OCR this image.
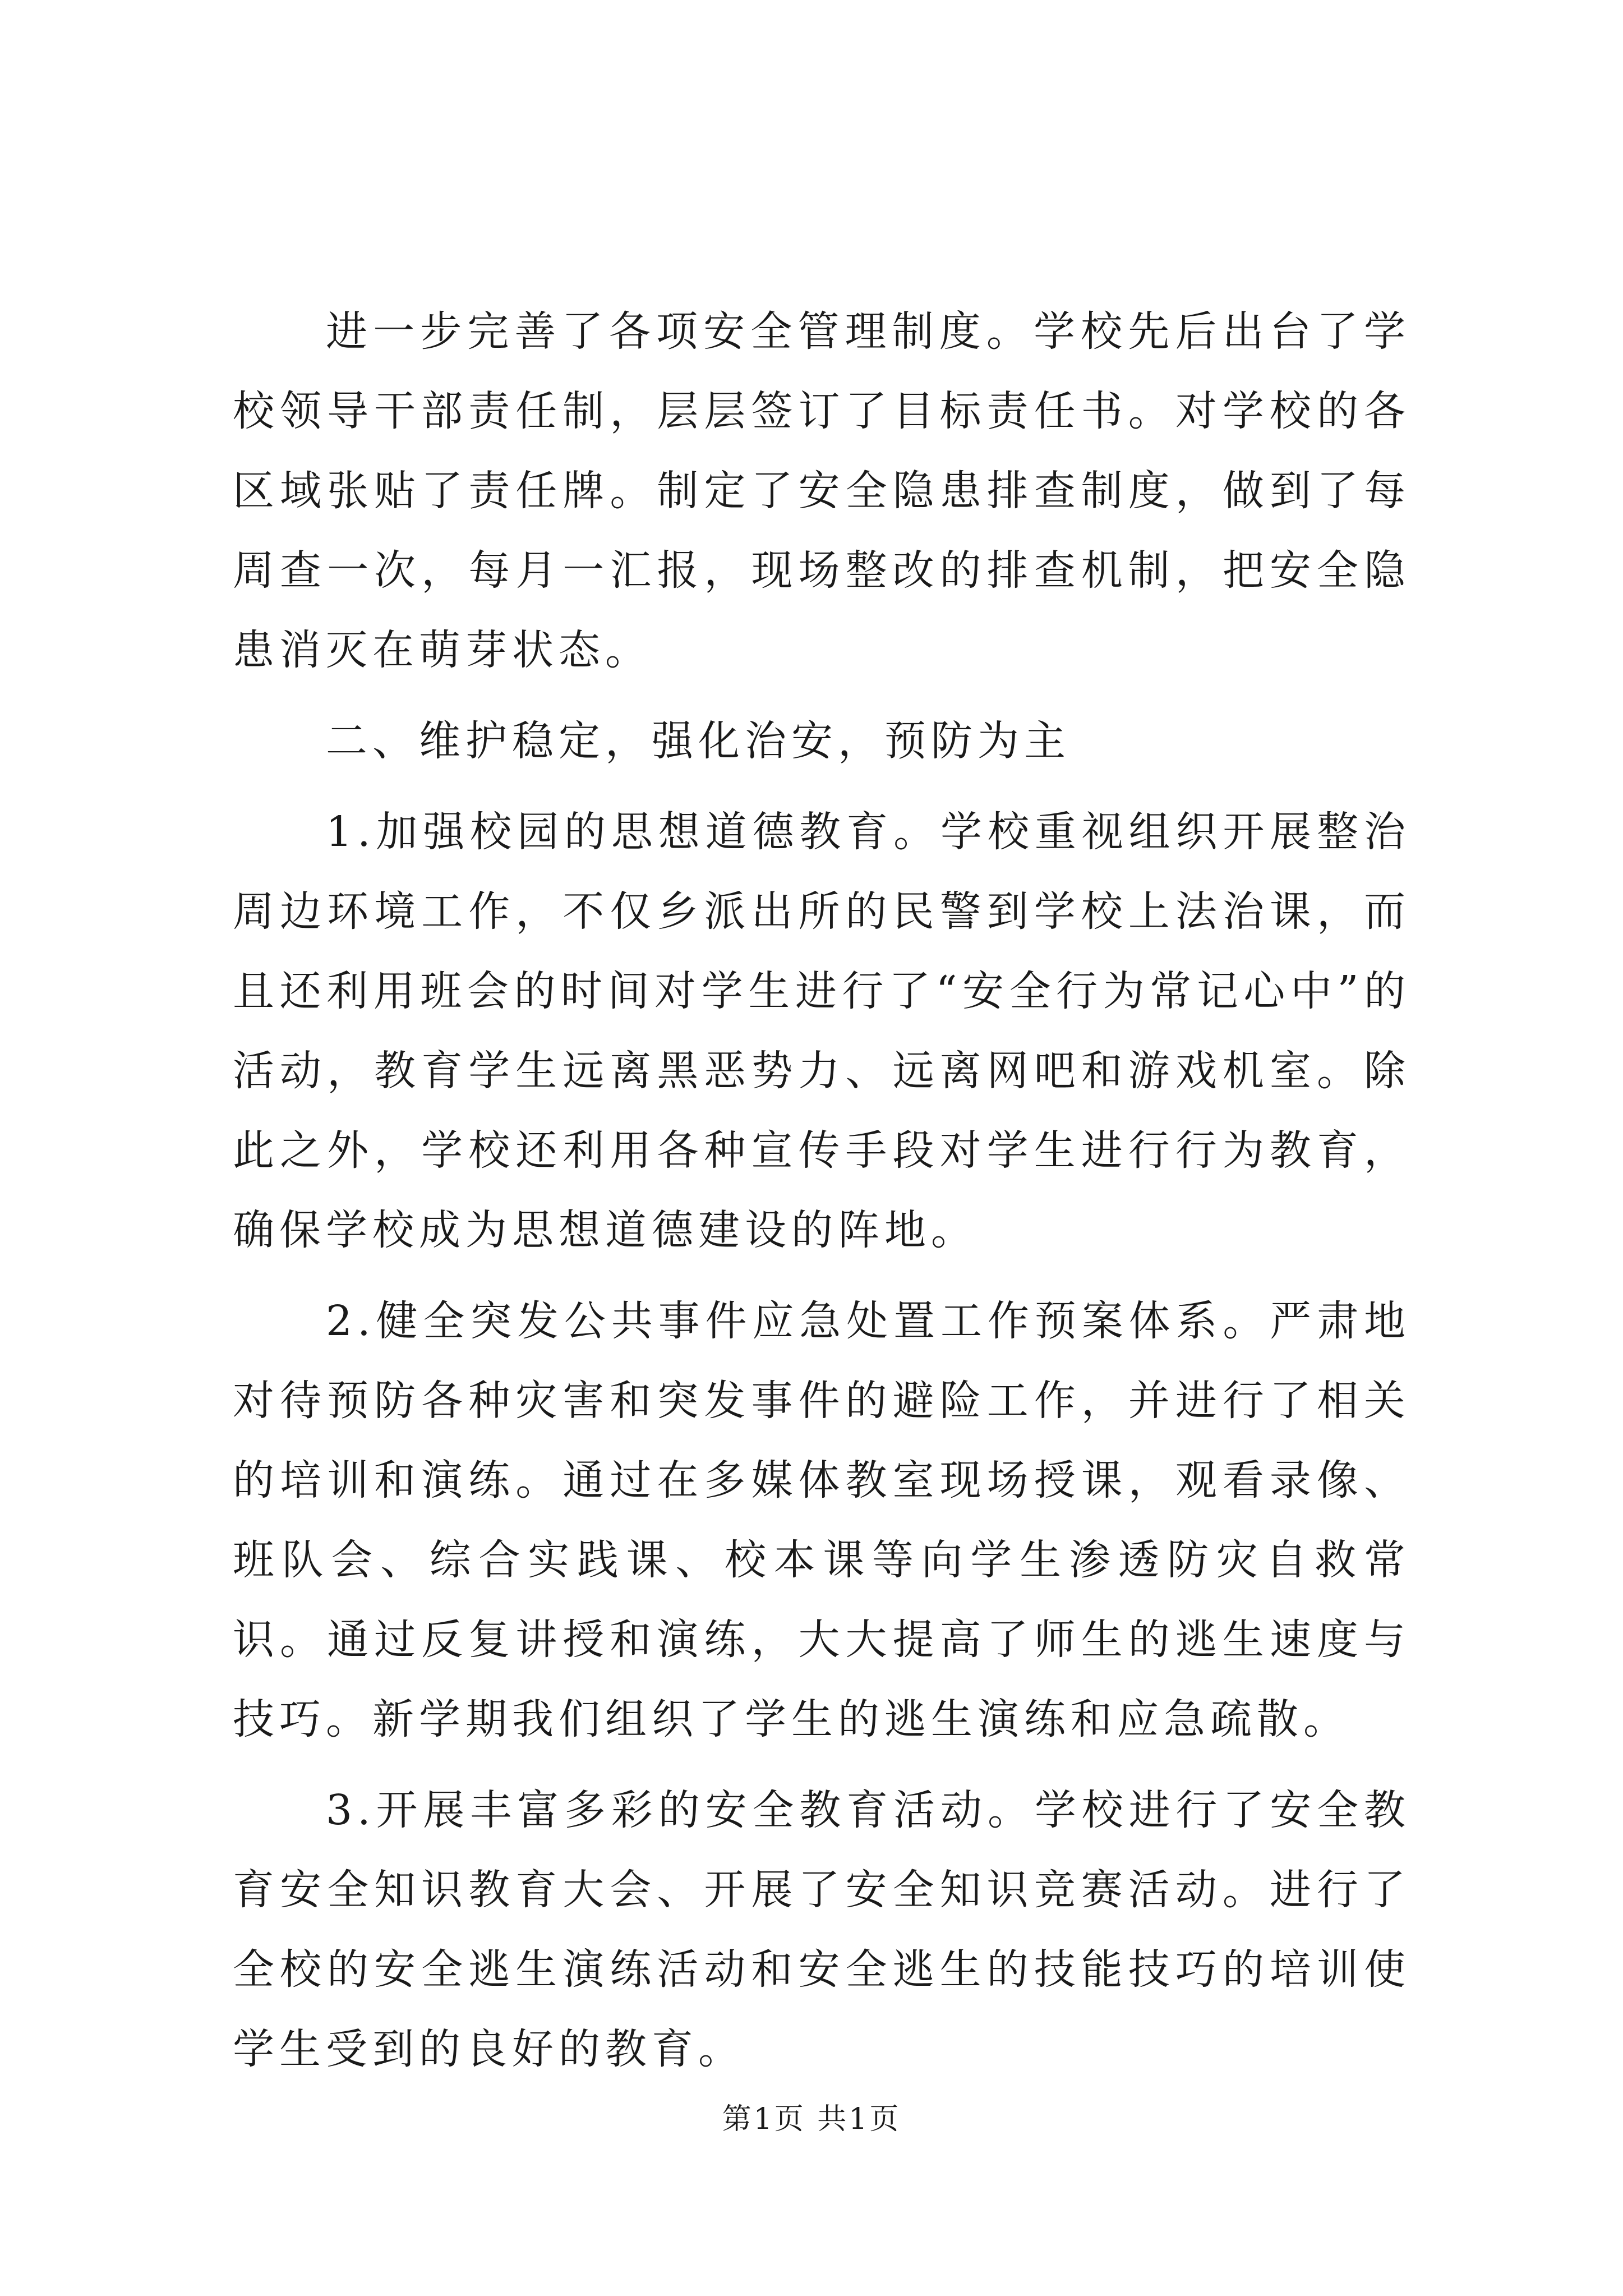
进一步完善了各项安全管理制度。学校先后出台了学校领导干部责任制，层层签订了目标责任书。对学校的各区域张贴了责任牌。制定了安全隐患排查制度，做到了每周查一次，每月一汇报，现场整改的排查机制，把安全隐患消灭在萌芽状态。

二、维护稳定，强化治安，预防为主

1.加强校园的思想道德教育。学校重视组织开展整治周边环境工作，不仅乡派出所的民警到学校上法治课，而且还利用班会的时间对学生进行了“安全行为常记心中”的活动，教育学生远离黑恶势力、远离网吧和游戏机室。除此之外，学校还利用各种宣传手段对学生进行行为教育，确保学校成为思想道德建设的阵地。

2.健全突发公共事件应急处置工作预案体系。严肃地对待预防各种灾害和突发事件的避险工作，并进行了相关的培训和演练。通过在多媒体教室现场授课，观看录像、班队会、综合实践课、校本课等向学生渗透防灾自救常识。通过反复讲授和演练，大大提高了师生的逃生速度与技巧。新学期我们组织了学生的逃生演练和应急疏散。

3.开展丰富多彩的安全教育活动。学校进行了安全教育安全知识教育大会、开展了安全知识竞赛活动。进行了全校的安全逃生演练活动和安全逃生的技能技巧的培训使学生受到的良好的教育。

第1页 共1页
